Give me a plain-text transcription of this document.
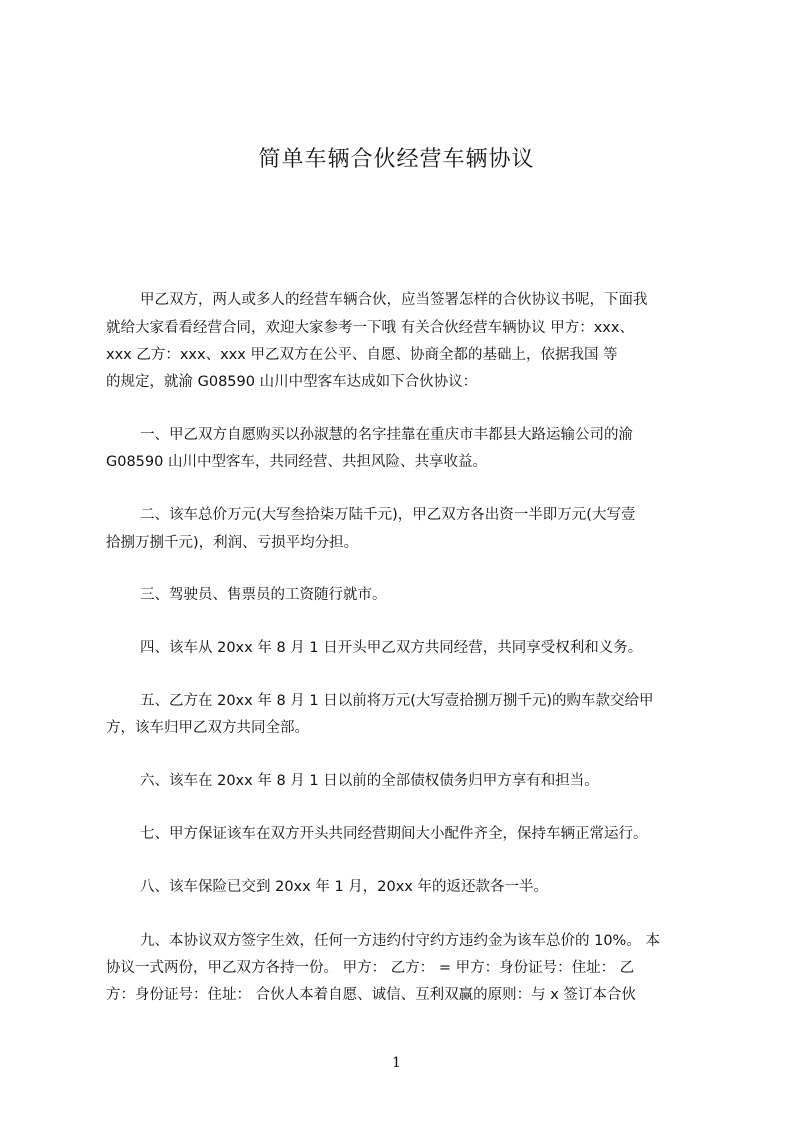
简单车辆合伙经营车辆协议
甲乙双方，两人或多人的经营车辆合伙，应当签署怎样的合伙协议书呢，下面我
就给大家看看经营合同，欢迎大家参考一下哦 有关合伙经营车辆协议 甲方：xxx、
xxx 乙方：xxx、xxx 甲乙双方在公平、自愿、协商全都的基础上，依据我国 等
的规定，就渝 G08590 山川中型客车达成如下合伙协议：
一、甲乙双方自愿购买以孙淑慧的名字挂靠在重庆市丰都县大路运输公司的渝
G08590 山川中型客车，共同经营、共担风险、共享收益。
二、该车总价万元(大写叁拾柒万陆千元)，甲乙双方各出资一半即万元(大写壹
拾捌万捌千元)，利润、亏损平均分担。
三、驾驶员、售票员的工资随行就市。
四、该车从 20xx 年 8 月 1 日开头甲乙双方共同经营，共同享受权利和义务。
五、乙方在 20xx 年 8 月 1 日以前将万元(大写壹拾捌万捌千元)的购车款交给甲
方，该车归甲乙双方共同全部。
六、该车在 20xx 年 8 月 1 日以前的全部债权债务归甲方享有和担当。
七、甲方保证该车在双方开头共同经营期间大小配件齐全，保持车辆正常运行。
八、该车保险已交到 20xx 年 1 月，20xx 年的返还款各一半。
九、本协议双方签字生效，任何一方违约付守约方违约金为该车总价的 10%。 本
协议一式两份，甲乙双方各持一份。 甲方： 乙方： = 甲方：身份证号：住址： 乙
方：身份证号：住址： 合伙人本着自愿、诚信、互利双赢的原则：与 x 签订本合伙
1
